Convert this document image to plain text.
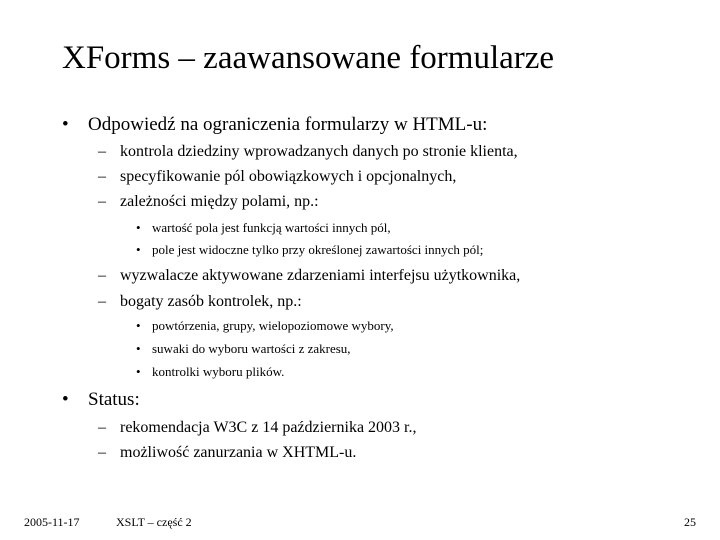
XForms – zaawansowane formularze
• Odpowiedź na ograniczenia formularzy w HTML-u:
– kontrola dziedziny wprowadzanych danych po stronie klienta,
– specyfikowanie pól obowiązkowych i opcjonalnych,
– zależności między polami, np.:
• wartość pola jest funkcją wartości innych pól,
• pole jest widoczne tylko przy określonej zawartości innych pól;
– wyzwalacze aktywowane zdarzeniami interfejsu użytkownika,
– bogaty zasób kontrolek, np.:
• powtórzenia, grupy, wielopoziomowe wybory,
• suwaki do wyboru wartości z zakresu,
• kontrolki wyboru plików.
• Status:
– rekomendacja W3C z 14 października 2003 r.,
– możliwość zanurzania w XHTML-u.
2005-11-17	XSLT – część 2	25
